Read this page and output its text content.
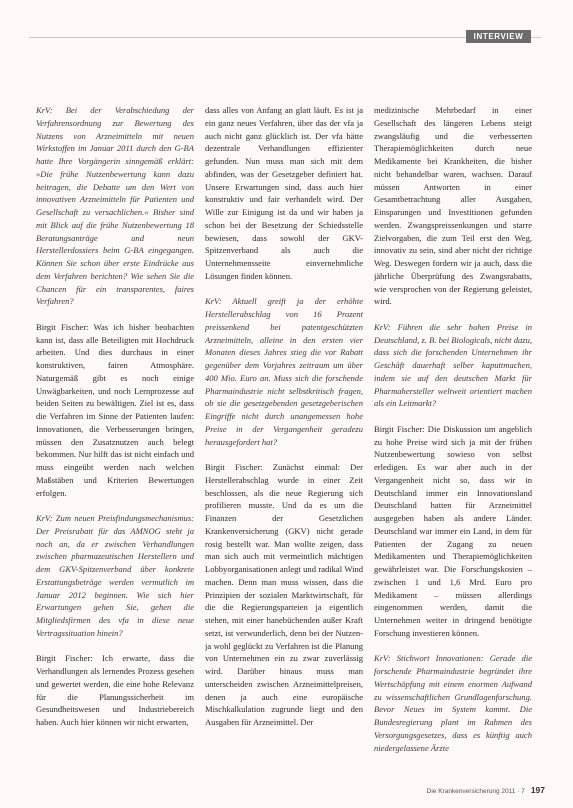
INTERVIEW

KrV: Bei der Verabschiedung der Verfahrensordnung zur Bewertung des Nutzens von Arzneimitteln mit neuen Wirkstoffen im Januar 2011 durch den G-BA hatte Ihre Vorgängerin sinngemäß erklärt: »Die frühe Nutzenbewertung kann dazu beitragen, die Debatte um den Wert von innovativen Arzneimitteln für Patienten und Gesellschaft zu versachlichen.« Bisher sind mit Blick auf die frühe Nutzenbewertung 18 Beratungsanträge und neun Herstellerdossiers beim G-BA eingegangen. Können Sie schon über erste Eindrücke aus dem Verfahren berichten? Wie sehen Sie die Chancen für ein transparentes, faires Verfahren?

Birgit Fischer: Was ich bisher beobachten kann ist, dass alle Beteiligten mit Hochdruck arbeiten. Und dies durchaus in einer konstruktiven, fairen Atmosphäre. Naturgemäß gibt es noch einige Unwägbarkeiten, und noch Lernprozesse auf beiden Seiten zu bewältigen. Ziel ist es, dass die Verfahren im Sinne der Patienten laufen: Innovationen, die Verbesserungen bringen, müssen den Zusatznutzen auch belegt bekommen. Nur hilft das ist nicht einfach und muss eingeübt werden nach welchen Maßstäben und Kriterien Bewertungen erfolgen.

KrV: Zum neuen Preisfindungsmechanismus: Der Preisrabatt für das AMNOG steht ja noch an, da er zwischen Verhandlungen zwischen pharmazeutischen Herstellern und dem GKV-Spitzenverband über konkrete Erstattungsbeträge werden vermutlich im Januar 2012 beginnen. Wie sich hier Erwartungen gehen Sie, gehen die Mitgliedsfirmen des vfa in diese neue Vertragssituation hinein?

Birgit Fischer: Ich erwarte, dass die Verhandlungen als lernendes Prozess gesehen und gewertet werden, die eine hohe Relevanz für die Planungssicherheit im Gesundheitswesen und Industriebereich haben. Auch hier können wir nicht erwarten,

dass alles von Anfang an glatt läuft. Es ist ja ein ganz neues Verfahren, über das der vfa ja auch nicht ganz glücklich ist. Der vfa hätte dezentrale Verhandlungen effizienter gefunden. Nun muss man sich mit dem abfinden, was der Gesetzgeber definiert hat. Unsere Erwartungen sind, dass auch hier konstruktiv und fair verhandelt wird. Der Wille zur Einigung ist da und wir haben ja schon bei der Besetzung der Schiedsstelle bewiesen, dass sowohl der GKV-Spitzenverband als auch die Unternehmensseite einvernehmliche Lösungen finden können.

KrV: Aktuell greift ja der erhöhte Herstellerabschlag von 16 Prozent preissenkend bei patentgeschützten Arzneimitteln, alleine in den ersten vier Monaten dieses Jahres stieg die vor Rabatt gegenüber dem Vorjahres zeitraum um über 400 Mio. Euro an. Muss sich die forschende Pharmaindustrie nicht selbstkritisch fragen, ob sie die gesetzgebenden gesetzgeberischen Eingriffe nicht durch unangemessen hohe Preise in der Vergangenheit geradezu herausgefordert hat?

Birgit Fischer: Zunächst einmal: Der Herstellerabschlag wurde in einer Zeit beschlossen, als die neue Regierung sich profilieren musste. Und da es um die Finanzen der Gesetzlichen Krankenversicherung (GKV) nicht gerade rosig bestellt war. Man wollte zeigen, dass man sich auch mit vermeintlich mächtigen Lobbyorganisationen anlegt und radikal Wind machen. Denn man muss wissen, dass die Prinzipien der sozialen Marktwirtschaft, für die die Regierungsparteien ja eigentlich stehen, mit einer hanebüchenden außer Kraft setzt, ist verwunderlich, denn bei der Nutzen- ja wohl geglückt zu Verfahren ist die Planung von Unternehmen ein zu zwar zuverlässig wird. Darüber hinaus muss man unterscheiden zwischen Arzneimittelpreisen, denen ja auch eine europäische Mischkalkulation zugrunde liegt und den Ausgaben für Arzneimittel. Der

medizinische Mehrbedarf in einer Gesellschaft des längeren Lebens steigt zwangsläufig und die verbesserten Therapiemöglichkeiten durch neue Medikamente bei Krankheiten, die bisher nicht behandelbar waren, wachsen. Darauf müssen Antworten in einer Gesamtbetrachtung aller Ausgaben, Einsparungen und Investitionen gefunden werden. Zwangspreissenkungen und starre Zielvorgaben, die zum Teil erst den Weg, innovativ zu sein, sind aber nicht der richtige Weg. Deswegen fordern wir ja auch, dass die jährliche Überprüfung des Zwangsrabatts, wie versprochen von der Regierung geleistet, wird.

KrV: Führen die sehr hohen Preise in Deutschland, z. B. bei Biologicals, nicht dazu, dass sich die forschenden Unternehmen ihr Geschäft dauerhaft selber kaputtmachen, indem sie auf den deutschen Markt für Pharmahersteller weltweit orientiert machen als ein Leitmarkt?

Birgit Fischer: Die Diskussion um angeblich zu hohe Preise wird sich ja mit der frühen Nutzenbewertung sowieso von selbst erledigen. Es war aber auch in der Vergangenheit nicht so, dass wir in Deutschland immer ein Innovationsland Deutschland hatten für Arzneimittel ausgegeben haben als andere Länder. Deutschland war immer ein Land, in dem für Patienten der Zugang zu neuen Medikamenten und Therapiemöglichkeiten gewährleistet war. Die Forschungskosten – zwischen 1 und 1,6 Mrd. Euro pro Medikament – müssen allerdings eingenommen werden, damit die Unternehmen weiter in dringend benötigte Forschung investieren können.

KrV: Stichwort Innovationen: Gerade die forschende Pharmaindustrie begründet ihre Wertschöpfung mit einem enormen Aufwand zu wissenschaftlichen Grundlagenforschung. Bevor Neues im System kommt. Die Bundesregierung plant im Rahmen des Versorgungsgesetzes, dass es künftig auch niedergelassene Ärzte

Die Krankenversicherung 2011 · 7 197
